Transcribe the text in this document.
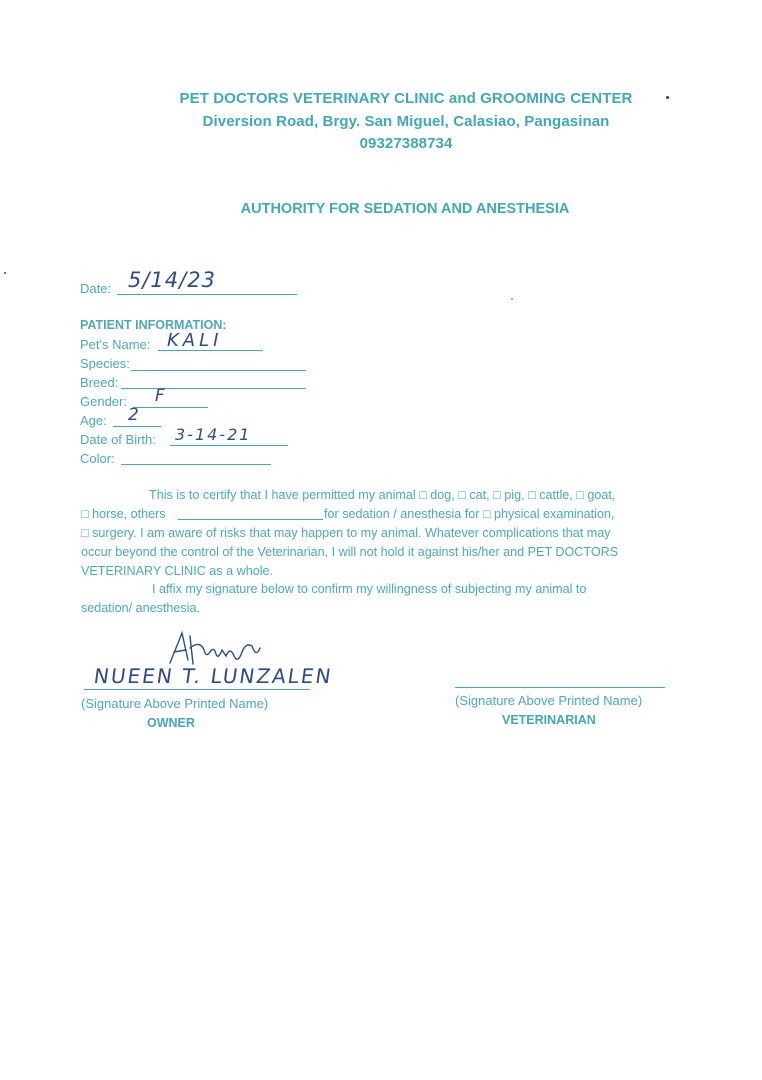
PET DOCTORS VETERINARY CLINIC and GROOMING CENTER
Diversion Road, Brgy. San Miguel, Calasiao, Pangasinan
09327388734
AUTHORITY FOR SEDATION AND ANESTHESIA
Date: 5/14/23
PATIENT INFORMATION:
Pet's Name: KALI
Species:
Breed:
Gender: F
Age: 2
Date of Birth: 3-14-21
Color:
This is to certify that I have permitted my animal □ dog, □ cat, □ pig, □ cattle, □ goat,
□ horse, others	for sedation / anesthesia for □ physical examination,
□ surgery. I am aware of risks that may happen to my animal. Whatever complications that may
occur beyond the control of the Veterinarian, I will not hold it against his/her and PET DOCTORS
VETERINARY CLINIC as a whole.
I affix my signature below to confirm my willingness of subjecting my animal to
sedation/ anesthesia.
NUEEN T. LUNZALEN
(Signature Above Printed Name)
OWNER
(Signature Above Printed Name)
VETERINARIAN
